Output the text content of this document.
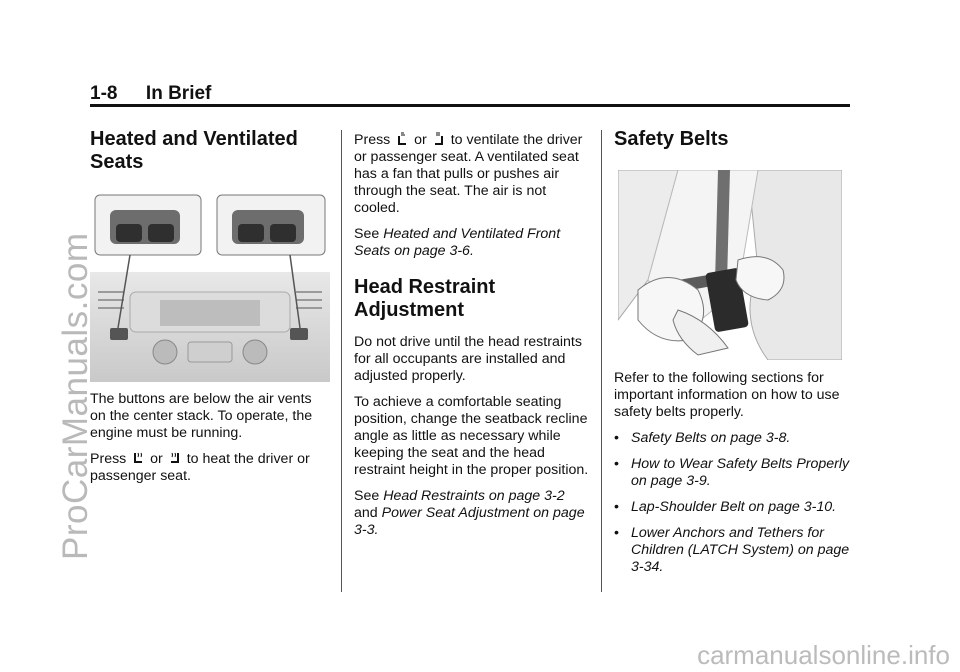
1-8 In Brief
Heated and Ventilated Seats

The buttons are below the air vents on the center stack. To operate, the engine must be running.

Press or to heat the driver or passenger seat.

Press or to ventilate the driver or passenger seat. A ventilated seat has a fan that pulls or pushes air through the seat. The air is not cooled.

See Heated and Ventilated Front Seats on page 3-6.

Head Restraint Adjustment

Do not drive until the head restraints for all occupants are installed and adjusted properly.

To achieve a comfortable seating position, change the seatback recline angle as little as necessary while keeping the seat and the head restraint height in the proper position.

See Head Restraints on page 3-2 and Power Seat Adjustment on page 3-3.

Safety Belts

Refer to the following sections for important information on how to use safety belts properly.

• Safety Belts on page 3-8.

• How to Wear Safety Belts Properly on page 3-9.

• Lap-Shoulder Belt on page 3-10.

• Lower Anchors and Tethers for Children (LATCH System) on page 3-34.

ProCarManuals.com
carmanualsonline.info
